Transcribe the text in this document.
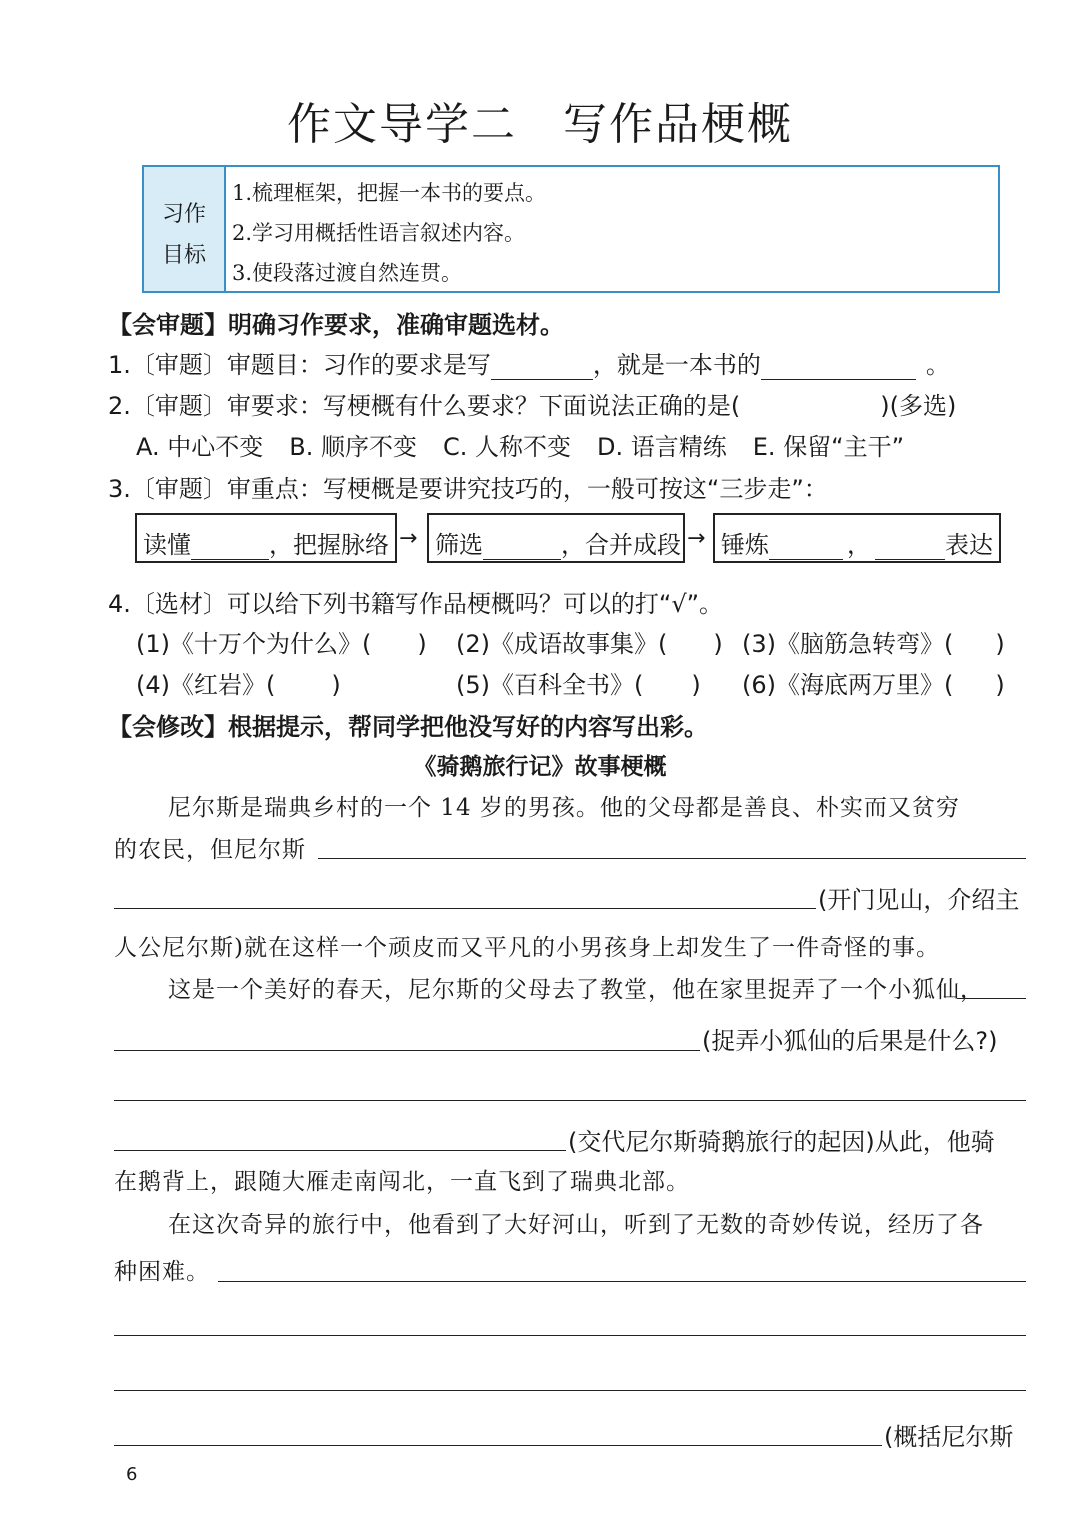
作文导学二 写作品梗概
习作
目标
1.梳理框架，把握一本书的要点。
2.学习用概括性语言叙述内容。
3.使段落过渡自然连贯。
【会审题】明确习作要求，准确审题选材。
1.〔审题〕审题目：习作的要求是写	，就是一本书的	。
2.〔审题〕审要求：写梗概有什么要求？下面说法正确的是(	)(多选)
A. 中心不变 B. 顺序不变 C. 人称不变 D. 语言精练 E. 保留“主干”
3.〔审题〕审重点：写梗概是要讲究技巧的，一般可按这“三步走”：
读懂	，把握脉络 → 筛选	，合并成段 → 锤炼	，	表达
4.〔选材〕可以给下列书籍写作品梗概吗？可以的打“√”。
(1)《十万个为什么》( ) (2)《成语故事集》( ) (3)《脑筋急转弯》( )
(4)《红岩》( )	(5)《百科全书》( ) (6)《海底两万里》( )
【会修改】根据提示，帮同学把他没写好的内容写出彩。
《骑鹅旅行记》故事梗概
尼尔斯是瑞典乡村的一个 14 岁的男孩。他的父母都是善良、朴实而又贫穷
的农民，但尼尔斯
(开门见山，介绍主
人公尼尔斯)就在这样一个顽皮而又平凡的小男孩身上却发生了一件奇怪的事。
这是一个美好的春天，尼尔斯的父母去了教堂，他在家里捉弄了一个小狐仙，
(捉弄小狐仙的后果是什么?)
(交代尼尔斯骑鹅旅行的起因)从此，他骑
在鹅背上，跟随大雁走南闯北，一直飞到了瑞典北部。
在这次奇异的旅行中，他看到了大好河山，听到了无数的奇妙传说，经历了各
种困难。
(概括尼尔斯
6
